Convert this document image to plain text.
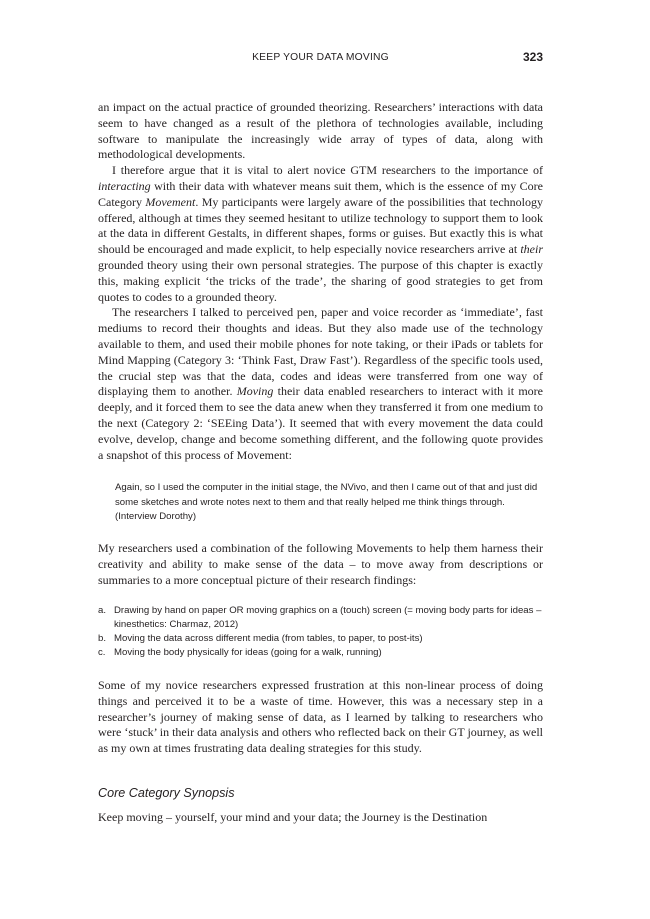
KEEP YOUR DATA MOVING	323

an impact on the actual practice of grounded theorizing. Researchers’ interactions with data seem to have changed as a result of the plethora of technologies available, including software to manipulate the increasingly wide array of types of data, along with methodological developments.

I therefore argue that it is vital to alert novice GTM researchers to the importance of interacting with their data with whatever means suit them, which is the essence of my Core Category Movement. My participants were largely aware of the possibilities that technology offered, although at times they seemed hesitant to utilize technology to support them to look at the data in different Gestalts, in different shapes, forms or guises. But exactly this is what should be encouraged and made explicit, to help especially novice researchers arrive at their grounded theory using their own personal strategies. The purpose of this chapter is exactly this, making explicit ‘the tricks of the trade’, the sharing of good strategies to get from quotes to codes to a grounded theory.

The researchers I talked to perceived pen, paper and voice recorder as ‘immediate’, fast mediums to record their thoughts and ideas. But they also made use of the technology available to them, and used their mobile phones for note taking, or their iPads or tablets for Mind Mapping (Category 3: ‘Think Fast, Draw Fast’). Regardless of the specific tools used, the crucial step was that the data, codes and ideas were transferred from one way of displaying them to another. Moving their data enabled researchers to interact with it more deeply, and it forced them to see the data anew when they transferred it from one medium to the next (Category 2: ‘SEEing Data’). It seemed that with every movement the data could evolve, develop, change and become something different, and the following quote provides a snapshot of this process of Movement:

Again, so I used the computer in the initial stage, the NVivo, and then I came out of that and just did some sketches and wrote notes next to them and that really helped me think things through. (Interview Dorothy)

My researchers used a combination of the following Movements to help them harness their creativity and ability to make sense of the data – to move away from descriptions or summaries to a more conceptual picture of their research findings:

a. Drawing by hand on paper OR moving graphics on a (touch) screen (= moving body parts for ideas – kinesthetics: Charmaz, 2012)
b. Moving the data across different media (from tables, to paper, to post-its)
c. Moving the body physically for ideas (going for a walk, running)

Some of my novice researchers expressed frustration at this non-linear process of doing things and perceived it to be a waste of time. However, this was a necessary step in a researcher’s journey of making sense of data, as I learned by talking to researchers who were ‘stuck’ in their data analysis and others who reflected back on their GT journey, as well as my own at times frustrating data dealing strategies for this study.

Core Category Synopsis

Keep moving – yourself, your mind and your data; the Journey is the Destination
